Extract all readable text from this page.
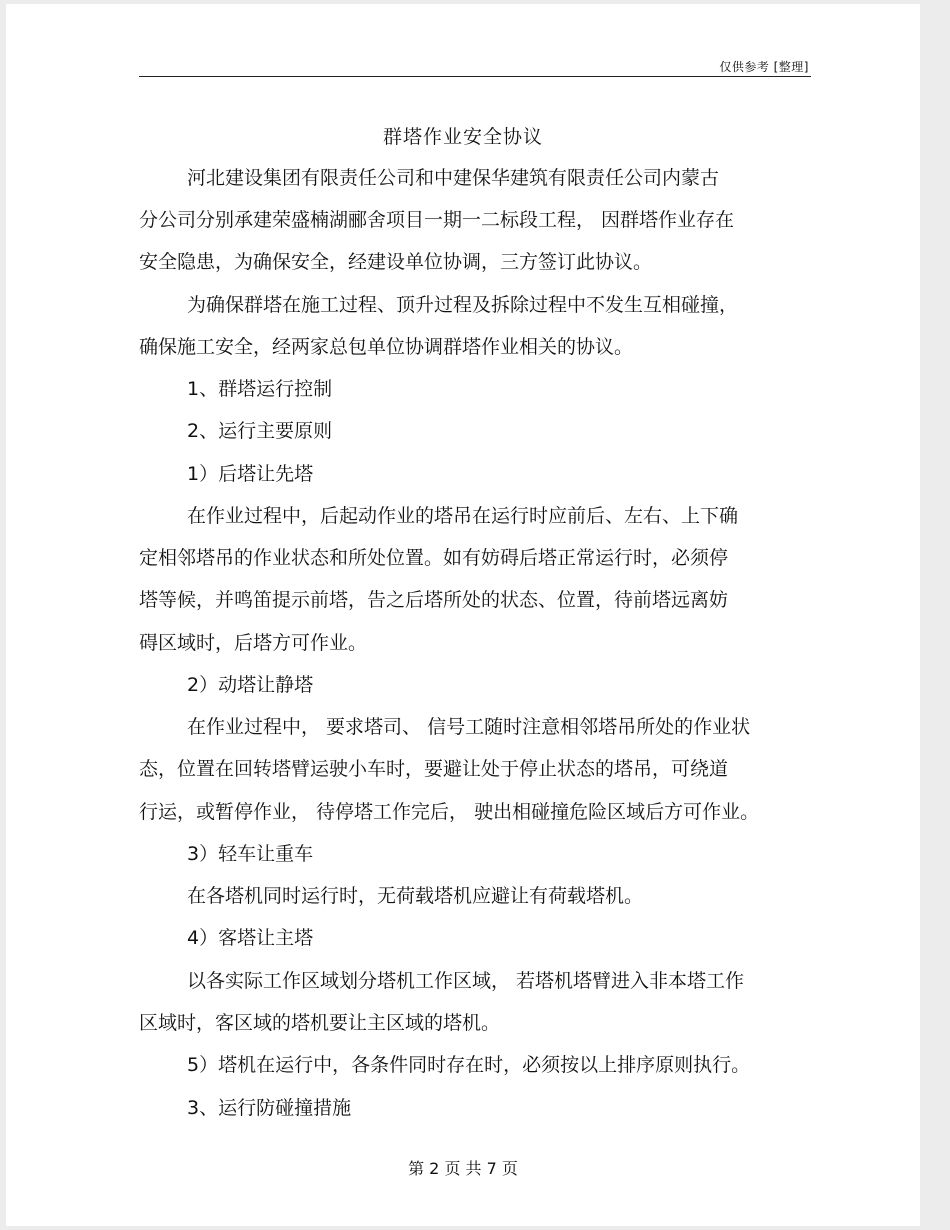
仅供参考 [整理]
群塔作业安全协议
河北建设集团有限责任公司和中建保华建筑有限责任公司内蒙古
分公司分别承建荣盛楠湖郦舍项目一期一二标段工程， 因群塔作业存在
安全隐患，为确保安全，经建设单位协调，三方签订此协议。
为确保群塔在施工过程、顶升过程及拆除过程中不发生互相碰撞，
确保施工安全，经两家总包单位协调群塔作业相关的协议。
1、群塔运行控制
2、运行主要原则
1）后塔让先塔
在作业过程中，后起动作业的塔吊在运行时应前后、左右、上下确
定相邻塔吊的作业状态和所处位置。如有妨碍后塔正常运行时，必须停
塔等候，并鸣笛提示前塔，告之后塔所处的状态、位置，待前塔远离妨
碍区域时，后塔方可作业。
2）动塔让静塔
在作业过程中， 要求塔司、 信号工随时注意相邻塔吊所处的作业状
态，位置在回转塔臂运驶小车时，要避让处于停止状态的塔吊，可绕道
行运，或暂停作业， 待停塔工作完后， 驶出相碰撞危险区域后方可作业。
3）轻车让重车
在各塔机同时运行时，无荷载塔机应避让有荷载塔机。
4）客塔让主塔
以各实际工作区域划分塔机工作区域， 若塔机塔臂进入非本塔工作
区域时，客区域的塔机要让主区域的塔机。
5）塔机在运行中，各条件同时存在时，必须按以上排序原则执行。
3、运行防碰撞措施
第 2 页 共 7 页
